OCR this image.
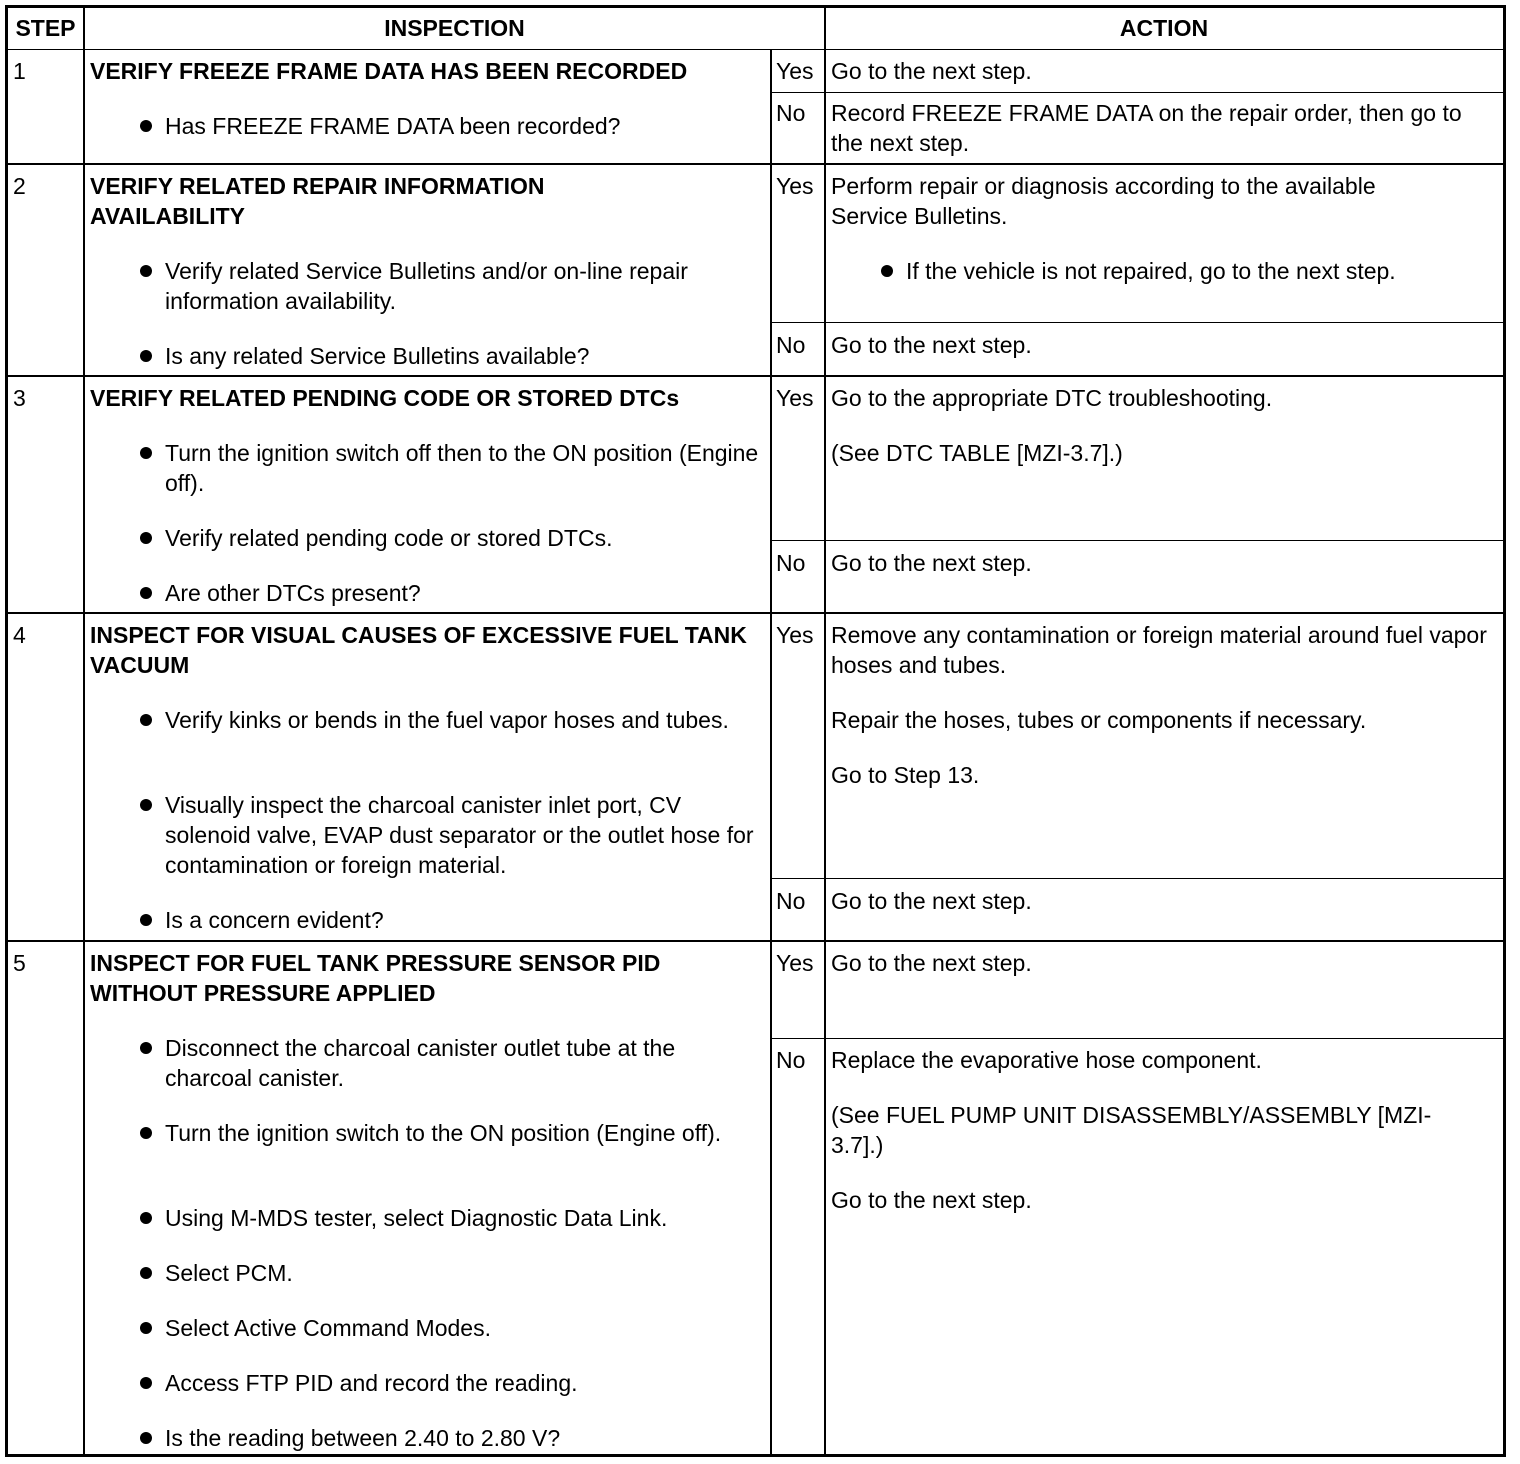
STEP	INSPECTION	ACTION
1	VERIFY FREEZE FRAME DATA HAS BEEN RECORDED
Has FREEZE FRAME DATA been recorded?
Yes Go to the next step.
No Record FREEZE FRAME DATA on the repair order, then go to the next step.
2	VERIFY RELATED REPAIR INFORMATION AVAILABILITY
Verify related Service Bulletins and/or on-line repair information availability.
Is any related Service Bulletins available?
Yes Perform repair or diagnosis according to the available Service Bulletins.
If the vehicle is not repaired, go to the next step.
No Go to the next step.
3	VERIFY RELATED PENDING CODE OR STORED DTCs
Turn the ignition switch off then to the ON position (Engine off).
Verify related pending code or stored DTCs.
Are other DTCs present?
Yes Go to the appropriate DTC troubleshooting.
(See DTC TABLE [MZI-3.7].)
No Go to the next step.
4	INSPECT FOR VISUAL CAUSES OF EXCESSIVE FUEL TANK VACUUM
Verify kinks or bends in the fuel vapor hoses and tubes.
Visually inspect the charcoal canister inlet port, CV solenoid valve, EVAP dust separator or the outlet hose for contamination or foreign material.
Is a concern evident?
Yes Remove any contamination or foreign material around fuel vapor hoses and tubes.
Repair the hoses, tubes or components if necessary.
Go to Step 13.
No Go to the next step.
5	INSPECT FOR FUEL TANK PRESSURE SENSOR PID WITHOUT PRESSURE APPLIED
Disconnect the charcoal canister outlet tube at the charcoal canister.
Turn the ignition switch to the ON position (Engine off).
Using M-MDS tester, select Diagnostic Data Link.
Select PCM.
Select Active Command Modes.
Access FTP PID and record the reading.
Is the reading between 2.40 to 2.80 V?
Yes Go to the next step.
No Replace the evaporative hose component.
(See FUEL PUMP UNIT DISASSEMBLY/ASSEMBLY [MZI-3.7].)
Go to the next step.
